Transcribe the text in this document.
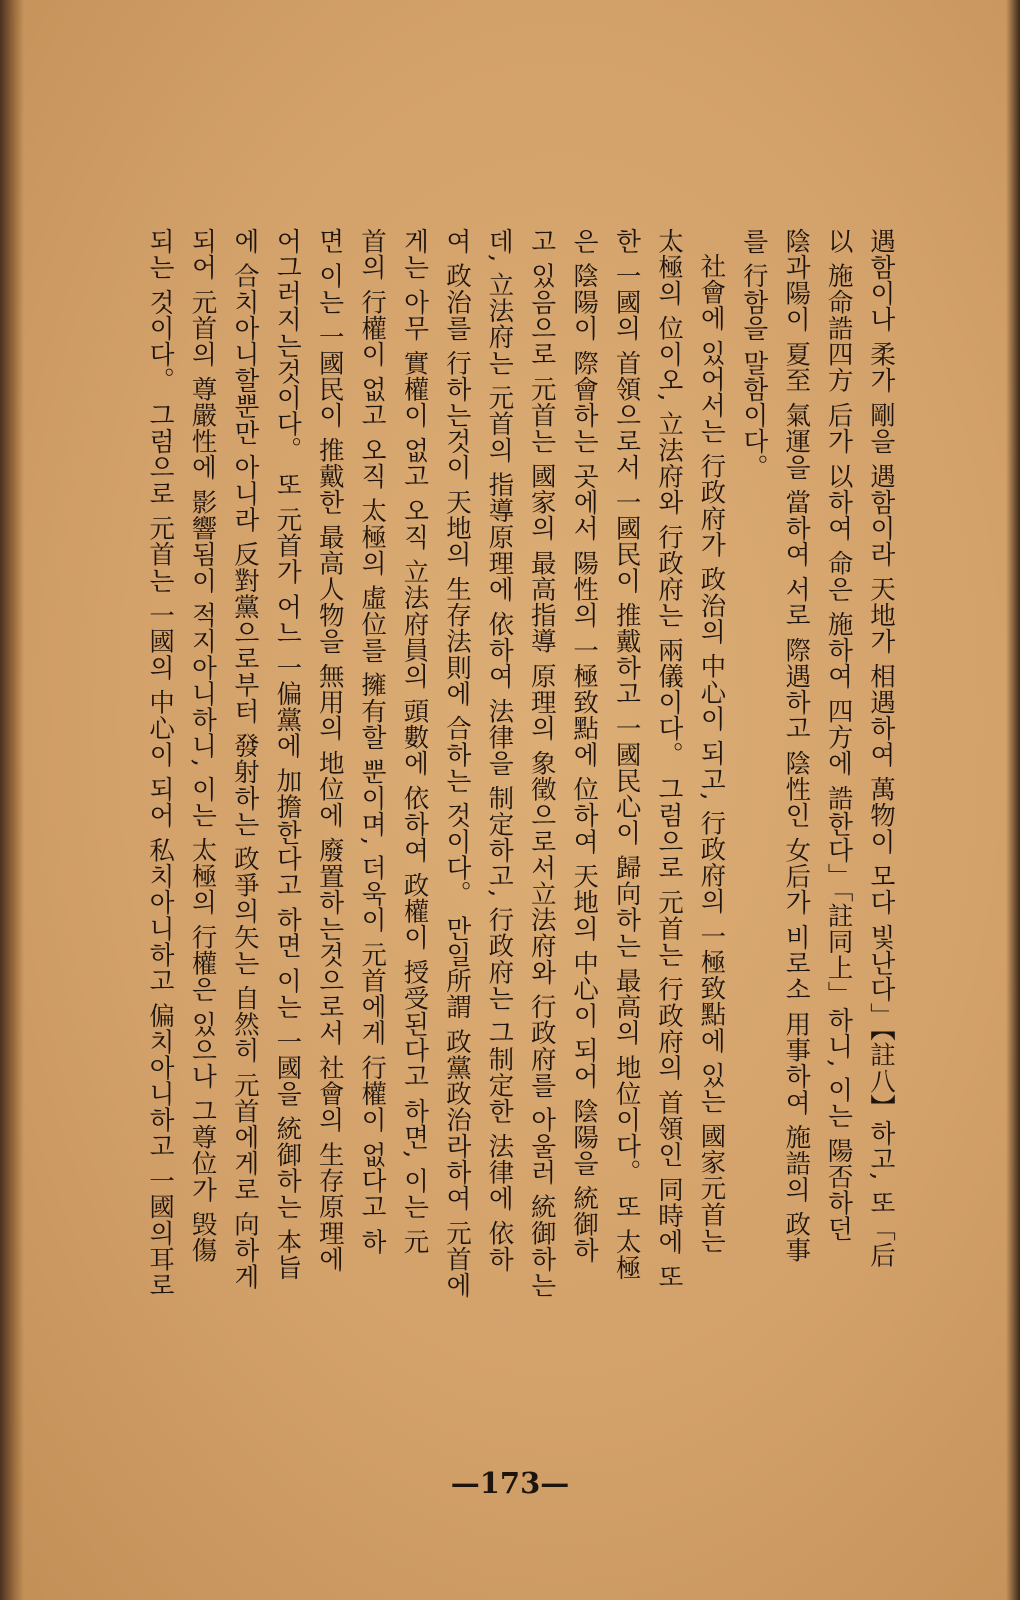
遇함이나 柔가 剛을 遇함이라 天地가 相遇하여 萬物이 모다 빛난다」【註八】하고, 또「后
以 施命誥四方 后가 以하여 命은 施하여 四方에 誥한다」「註同上」하니, 이는 陽否하던
陰과陽이 夏至 氣運을 當하여 서로 際遇하고 陰性인 女后가 비로소 用事하여 施誥의 政事
를 行함을 말함이다。
社會에 있어서는 行政府가 政治의 中心이 되고, 行政府의 一極致點에 있는 國家元首는
太極의 位이오, 立法府와 行政府는 兩儀이다。 그럼으로 元首는 行政府의 首領인 同時에 또
한 一國의 首領으로서 一國民이 推戴하고 一國民心이 歸向하는 最高의 地位이다。 또 太極
은 陰陽이 際會하는 곳에서 陽性의 一極致點에 位하여 天地의 中心이 되어 陰陽을 統御하
고 있음으로 元首는 國家의 最高指導 原理의 象徵으로서立法府와 行政府를 아울러 統御하는
데, 立法府는 元首의 指導原理에 依하여 法律을 制定하고, 行政府는 그制定한 法律에 依하
여 政治를 行하는것이 天地의 生存法則에 合하는 것이다。 만일所謂 政黨政治라하여 元首에
게는 아무 實權이 없고 오직 立法府員의 頭數에 依하여 政權이 授受된다고 하면, 이는 元
首의 行權이 없고 오직 太極의 虛位를 擁有할 뿐이며, 더욱이 元首에게 行權이 없다고 하
면 이는 一國民이 推戴한 最高人物을 無用의 地位에 廢置하는것으로서 社會의 生存原理에
어그러지는것이다。 또 元首가 어느 一偏黨에 加擔한다고 하면 이는 一國을 統御하는 本旨
에 合치아니할뿐만 아니라 反對黨으로부터 發射하는 政爭의矢는 自然히 元首에게로 向하게
되어 元首의 尊嚴性에 影響됨이 적지아니하니, 이는 太極의 行權은 있으나 그尊位가 毁傷
되는 것이다。 그럼으로 元首는 一國의 中心이 되어 私치아니하고 偏치아니하고 一國의耳로
—173—
